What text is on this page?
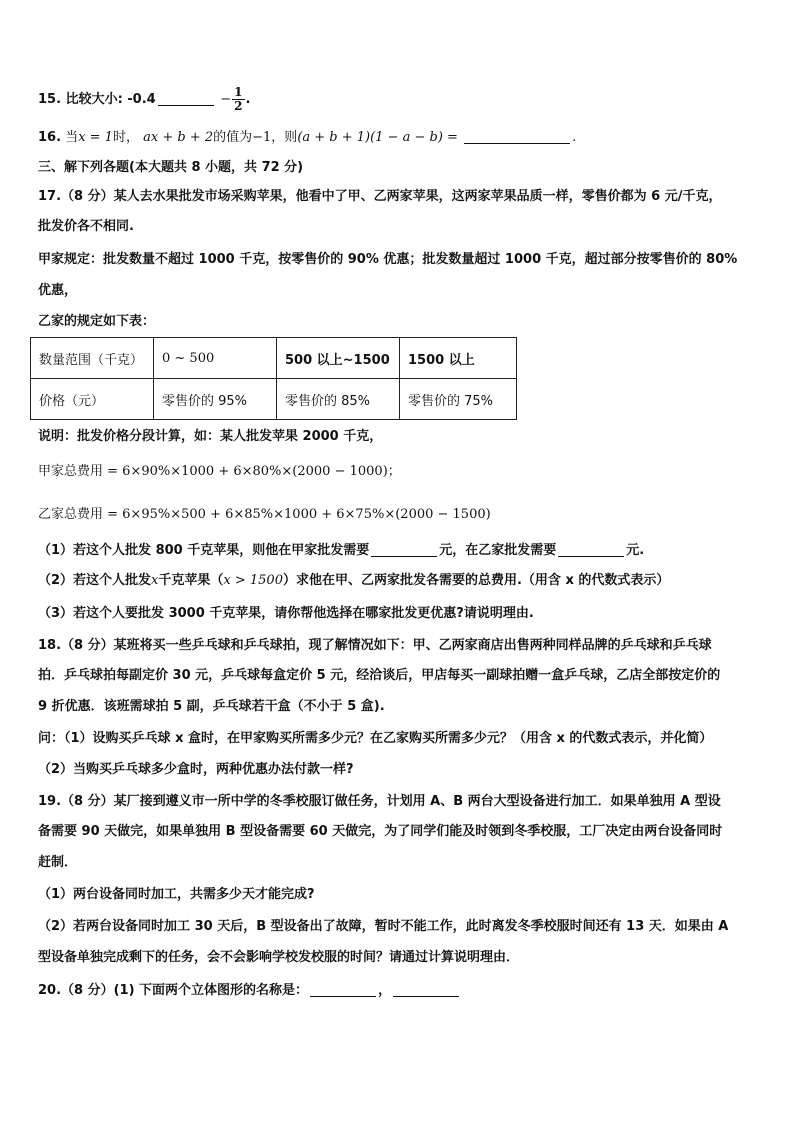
15. 比较大小: -0.4	− $\frac{1}{2}$ .
16. 当x = 1时， ax + b + 2的值为−1，则(a + b + 1)(1 − a − b) =	.
三、解下列各题(本大题共 8 小题，共 72 分)
17.（8 分）某人去水果批发市场采购苹果，他看中了甲、乙两家苹果，这两家苹果品质一样，零售价都为 6 元/千克，
批发价各不相同.
甲家规定：批发数量不超过 1000 千克，按零售价的 90% 优惠；批发数量超过 1000 千克，超过部分按零售价的 80%
优惠，
乙家的规定如下表：
数量范围（千克）	0 ~ 500	500 以上~1500	1500 以上
价格（元）	零售价的 95%	零售价的 85%	零售价的 75%
说明：批发价格分段计算，如：某人批发苹果 2000 千克，
甲家总费用 = 6×90%×1000 + 6×80%×(2000 − 1000)；
乙家总费用 = 6×95%×500 + 6×85%×1000 + 6×75%×(2000 − 1500)
（1）若这个人批发 800 千克苹果，则他在甲家批发需要	元，在乙家批发需要	元.
（2）若这个人批发x千克苹果（x > 1500）求他在甲、乙两家批发各需要的总费用.（用含 x 的代数式表示）
（3）若这个人要批发 3000 千克苹果，请你帮他选择在哪家批发更优惠?请说明理由.
18.（8 分）某班将买一些乒乓球和乒乓球拍，现了解情况如下：甲、乙两家商店出售两种同样品牌的乒乓球和乒乓球
拍．乒乓球拍每副定价 30 元，乒乓球每盒定价 5 元，经洽谈后，甲店每买一副球拍赠一盒乒乓球，乙店全部按定价的
9 折优惠．该班需球拍 5 副，乒乓球若干盒（不小于 5 盒).
问：（1）设购买乒乓球 x 盒时，在甲家购买所需多少元？在乙家购买所需多少元？（用含 x 的代数式表示，并化简）
（2）当购买乒乓球多少盒时，两种优惠办法付款一样?
19.（8 分）某厂接到遵义市一所中学的冬季校服订做任务，计划用 A、B 两台大型设备进行加工．如果单独用 A 型设
备需要 90 天做完，如果单独用 B 型设备需要 60 天做完，为了同学们能及时领到冬季校服，工厂决定由两台设备同时
赶制．
（1）两台设备同时加工，共需多少天才能完成?
（2）若两台设备同时加工 30 天后，B 型设备出了故障，暂时不能工作，此时离发冬季校服时间还有 13 天．如果由 A
型设备单独完成剩下的任务，会不会影响学校发校服的时间？请通过计算说明理由．
20.（8 分）(1) 下面两个立体图形的名称是：	，
